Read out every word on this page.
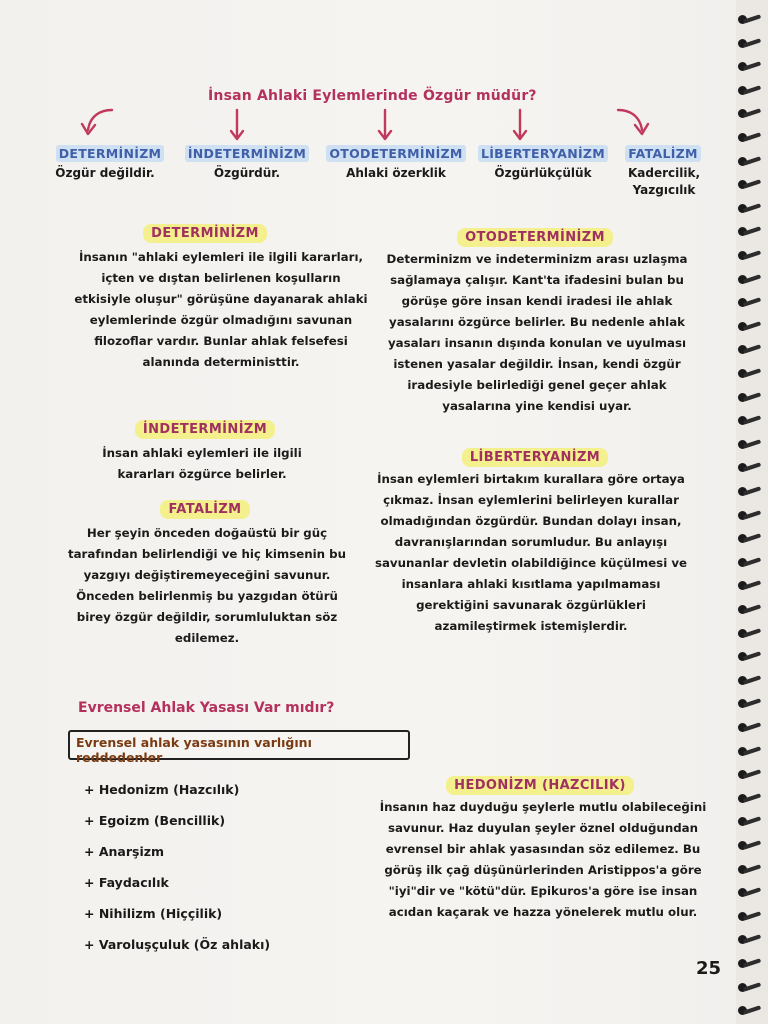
İnsan Ahlaki Eylemlerinde Özgür müdür?
DETERMİNİZM	İNDETERMİNİZM	OTODETERMİNİZM	LİBERTERYANİZM	FATALİZM
Özgür değildir.	Özgürdür.	Ahlaki özerklik	Özgürlükçülük	Kadercilik, Yazgıcılık
DETERMİNİZM
İnsanın "ahlaki eylemleri ile ilgili kararları, içten ve dıştan belirlenen koşulların etkisiyle oluşur" görüşüne dayanarak ahlaki eylemlerinde özgür olmadığını savunan filozoflar vardır. Bunlar ahlak felsefesi alanında deterministtir.
İNDETERMİNİZM
İnsan ahlaki eylemleri ile ilgili kararları özgürce belirler.
FATALİZM
Her şeyin önceden doğaüstü bir güç tarafından belirlendiği ve hiç kimsenin bu yazgıyı değiştiremeyeceğini savunur. Önceden belirlenmiş bu yazgıdan ötürü birey özgür değildir, sorumluluktan söz edilemez.
OTODETERMİNİZM
Determinizm ve indeterminizm arası uzlaşma sağlamaya çalışır. Kant'ta ifadesini bulan bu görüşe göre insan kendi iradesi ile ahlak yasalarını özgürce belirler. Bu nedenle ahlak yasaları insanın dışında konulan ve uyulması istenen yasalar değildir. İnsan, kendi özgür iradesiyle belirlediği genel geçer ahlak yasalarına yine kendisi uyar.
LİBERTERYANİZM
İnsan eylemleri birtakım kurallara göre ortaya çıkmaz. İnsan eylemlerini belirleyen kurallar olmadığından özgürdür. Bundan dolayı insan, davranışlarından sorumludur. Bu anlayışı savunanlar devletin olabildiğince küçülmesi ve insanlara ahlaki kısıtlama yapılmaması gerektiğini savunarak özgürlükleri azamileştirmek istemişlerdir.
Evrensel Ahlak Yasası Var mıdır?
Evrensel ahlak yasasının varlığını reddedenler
+ Hedonizm (Hazcılık)
+ Egoizm (Bencillik)
+ Anarşizm
+ Faydacılık
+ Nihilizm (Hiççilik)
+ Varoluşçuluk (Öz ahlakı)
HEDONİZM (HAZCILIK)
İnsanın haz duyduğu şeylerle mutlu olabileceğini savunur. Haz duyulan şeyler öznel olduğundan evrensel bir ahlak yasasından söz edilemez. Bu görüş ilk çağ düşünürlerinden Aristippos'a göre "iyi"dir ve "kötü"dür. Epikuros'a göre ise insan acıdan kaçarak ve hazza yönelerek mutlu olur.
25
